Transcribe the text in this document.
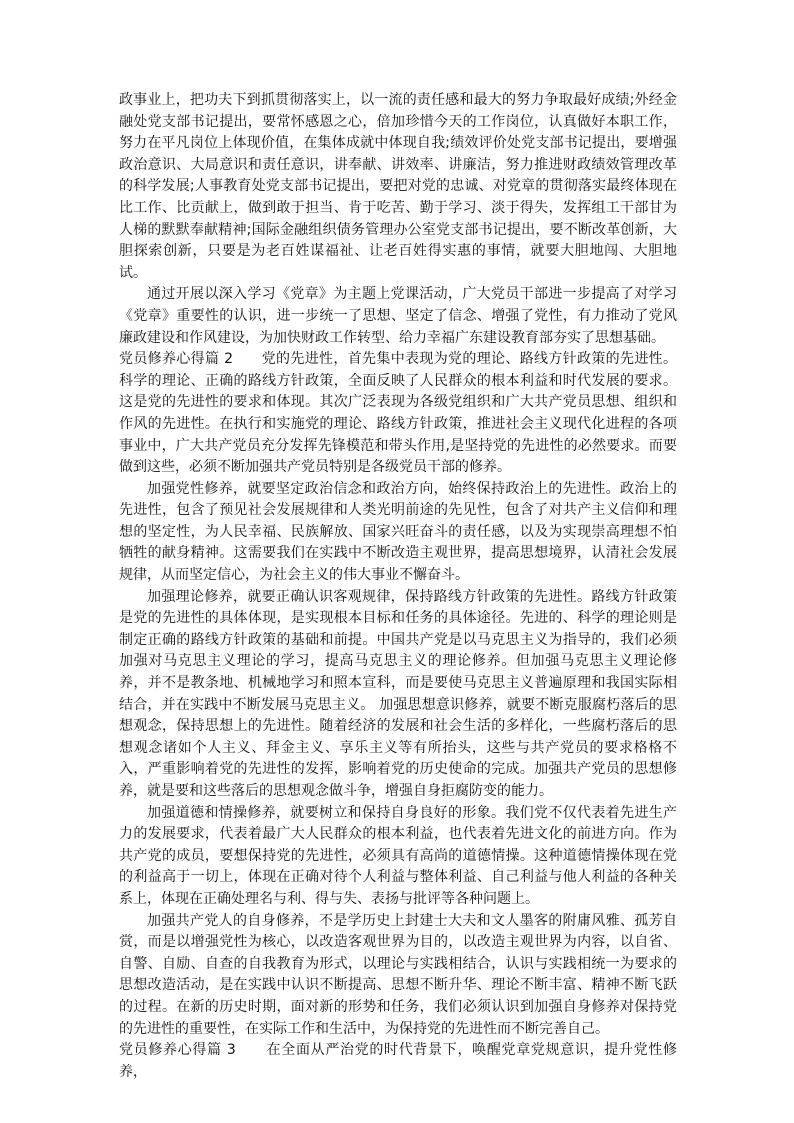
政事业上，把功夫下到抓贯彻落实上，以一流的责任感和最大的努力争取最好成绩;外经金融处党支部书记提出，要常怀感恩之心，倍加珍惜今天的工作岗位，认真做好本职工作，努力在平凡岗位上体现价值，在集体成就中体现自我;绩效评价处党支部书记提出，要增强政治意识、大局意识和责任意识，讲奉献、讲效率、讲廉洁，努力推进财政绩效管理改革的科学发展;人事教育处党支部书记提出，要把对党的忠诚、对党章的贯彻落实最终体现在比工作、比贡献上，做到敢于担当、肯于吃苦、勤于学习、淡于得失，发挥组工干部甘为人梯的默默奉献精神;国际金融组织债务管理办公室党支部书记提出，要不断改革创新，大胆探索创新，只要是为老百姓谋福祉、让老百姓得实惠的事情，就要大胆地闯、大胆地试。

通过开展以深入学习《党章》为主题上党课活动，广大党员干部进一步提高了对学习《党章》重要性的认识，进一步统一了思想、坚定了信念、增强了党性，有力推动了党风廉政建设和作风建设，为加快财政工作转型、给力幸福广东建设教育部夯实了思想基础。

党员修养心得篇 2 党的先进性，首先集中表现为党的理论、路线方针政策的先进性。科学的理论、正确的路线方针政策，全面反映了人民群众的根本利益和时代发展的要求。这是党的先进性的要求和体现。其次广泛表现为各级党组织和广大共产党员思想、组织和作风的先进性。在执行和实施党的理论、路线方针政策，推进社会主义现代化进程的各项事业中，广大共产党员充分发挥先锋模范和带头作用,是坚持党的先进性的必然要求。而要做到这些，必须不断加强共产党员特别是各级党员干部的修养。

加强党性修养，就要坚定政治信念和政治方向，始终保持政治上的先进性。政治上的先进性，包含了预见社会发展规律和人类光明前途的先见性，包含了对共产主义信仰和理想的坚定性，为人民幸福、民族解放、国家兴旺奋斗的责任感，以及为实现崇高理想不怕牺牲的献身精神。这需要我们在实践中不断改造主观世界，提高思想境界，认清社会发展规律，从而坚定信心，为社会主义的伟大事业不懈奋斗。

加强理论修养，就要正确认识客观规律，保持路线方针政策的先进性。路线方针政策是党的先进性的具体体现，是实现根本目标和任务的具体途径。先进的、科学的理论则是制定正确的路线方针政策的基础和前提。中国共产党是以马克思主义为指导的，我们必须加强对马克思主义理论的学习，提高马克思主义的理论修养。但加强马克思主义理论修养，并不是教条地、机械地学习和照本宣科，而是要使马克思主义普遍原理和我国实际相结合，并在实践中不断发展马克思主义。 加强思想意识修养，就要不断克服腐朽落后的思想观念，保持思想上的先进性。随着经济的发展和社会生活的多样化，一些腐朽落后的思想观念诸如个人主义、拜金主义、享乐主义等有所抬头，这些与共产党员的要求格格不入，严重影响着党的先进性的发挥，影响着党的历史使命的完成。加强共产党员的思想修养，就是要和这些落后的思想观念做斗争，增强自身拒腐防变的能力。

加强道德和情操修养，就要树立和保持自身良好的形象。我们党不仅代表着先进生产力的发展要求，代表着最广大人民群众的根本利益，也代表着先进文化的前进方向。作为共产党的成员，要想保持党的先进性，必须具有高尚的道德情操。这种道德情操体现在党的利益高于一切上，体现在正确对待个人利益与整体利益、自己利益与他人利益的各种关系上，体现在正确处理名与利、得与失、表扬与批评等各种问题上。

加强共产党人的自身修养，不是学历史上封建士大夫和文人墨客的附庸风雅、孤芳自赏，而是以增强党性为核心，以改造客观世界为目的，以改造主观世界为内容，以自省、自警、自励、自查的自我教育为形式，以理论与实践相结合，认识与实践相统一为要求的思想改造活动，是在实践中认识不断提高、思想不断升华、理论不断丰富、精神不断飞跃的过程。在新的历史时期，面对新的形势和任务，我们必须认识到加强自身修养对保持党的先进性的重要性，在实际工作和生活中，为保持党的先进性而不断完善自己。

党员修养心得篇 3 在全面从严治党的时代背景下，唤醒党章党规意识，提升党性修养，
